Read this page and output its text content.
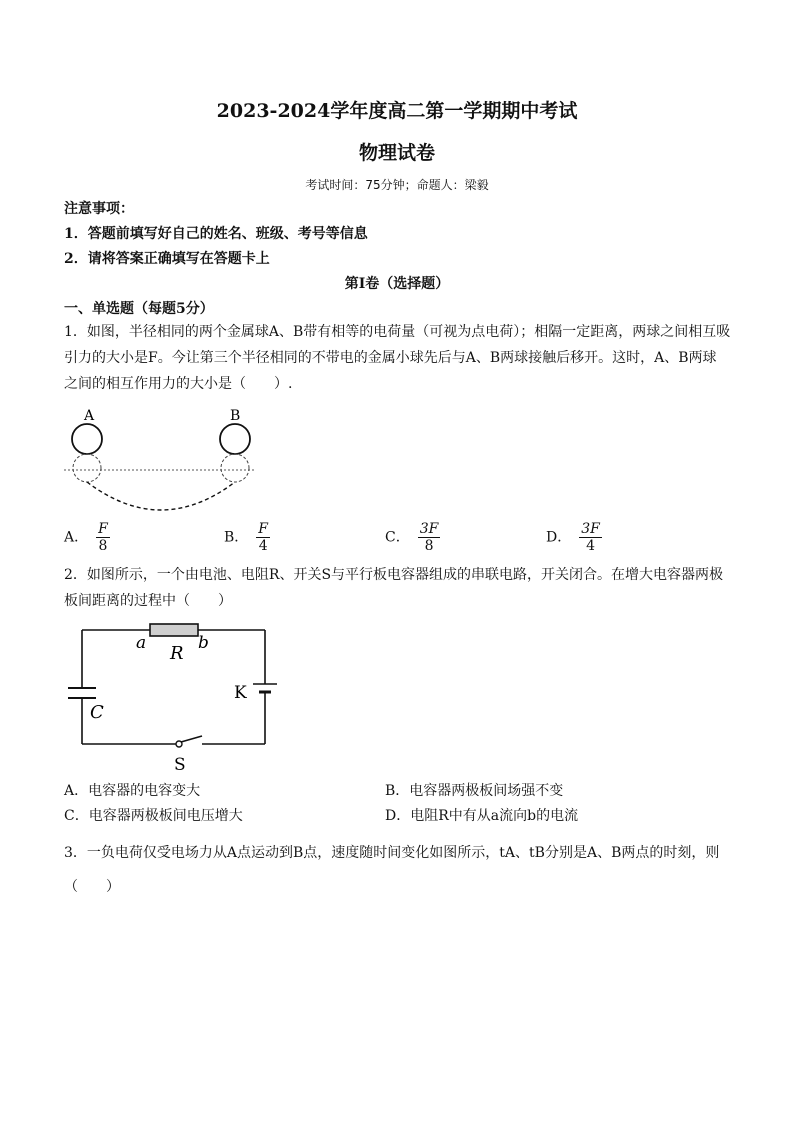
2023-2024学年度高二第一学期期中考试
物理试卷
考试时间：75分钟；命题人：梁毅
注意事项：
1．答题前填写好自己的姓名、班级、考号等信息
2．请将答案正确填写在答题卡上
第I卷（选择题）
一、单选题（每题5分）
1．如图，半径相同的两个金属球A、B带有相等的电荷量（可视为点电荷）；相隔一定距离，两球之间相互吸
引力的大小是F。今让第三个半径相同的不带电的金属小球先后与A、B两球接触后移开。这时，A、B两球
之间的相互作用力的大小是（　　）.
A	B
A． $\frac{F}{8}$	B． $\frac{F}{4}$	C． $\frac{3F}{8}$	D． $\frac{3F}{4}$
2．如图所示，一个由电池、电阻R、开关S与平行板电容器组成的串联电路，开关闭合。在增大电容器两极
板间距离的过程中（　　）
a R b
C
K
S
A．电容器的电容变大	B．电容器两极板间场强不变
C．电容器两极板间电压增大	D．电阻R中有从a流向b的电流
3．一负电荷仅受电场力从A点运动到B点，速度随时间变化如图所示，tA、tB分别是A、B两点的时刻，则
（　　）
